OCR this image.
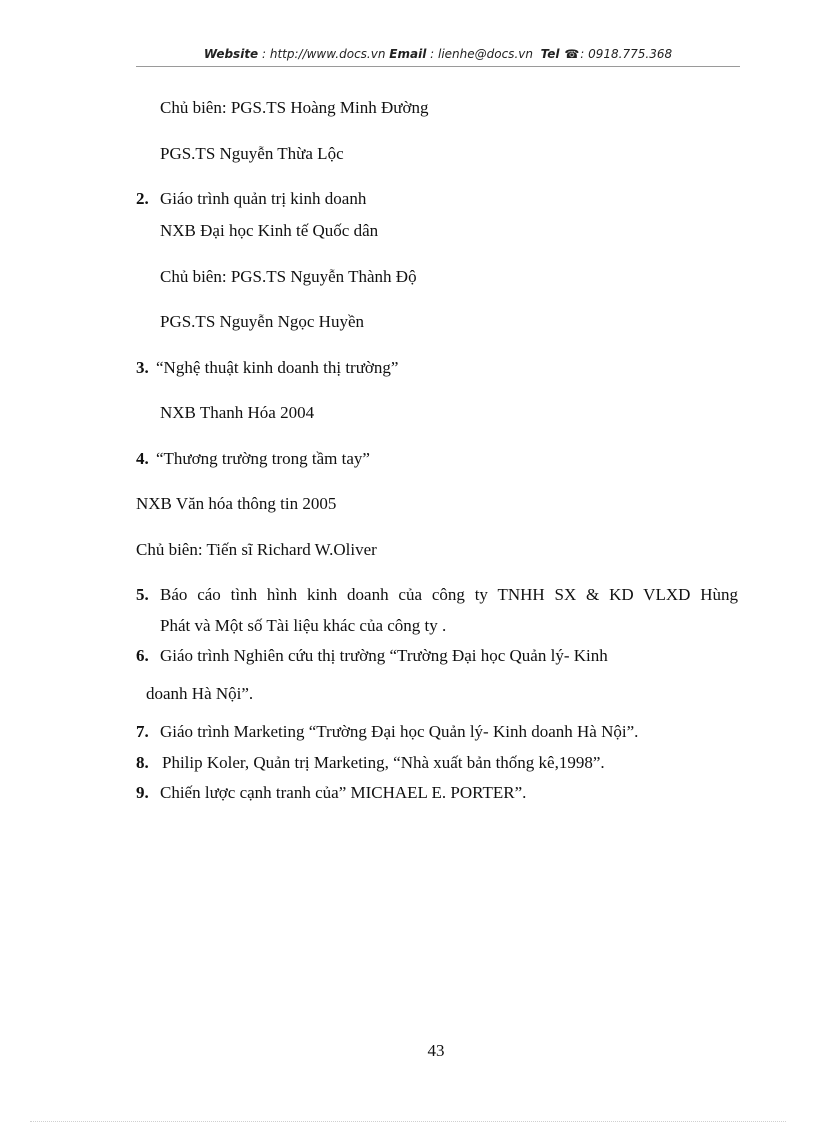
Website : http://www.docs.vn Email : lienhe@docs.vn Tel ☎: 0918.775.368
Chủ biên: PGS.TS Hoàng Minh Đường
PGS.TS Nguyễn Thừa Lộc
2. Giáo trình quản trị kinh doanh
NXB Đại học Kinh tế Quốc dân
Chủ biên: PGS.TS Nguyễn Thành Độ
PGS.TS Nguyễn Ngọc Huyền
3. “Nghệ thuật kinh doanh thị trường”
NXB Thanh Hóa 2004
4. “Thương trường trong tầm tay”
NXB Văn hóa thông tin 2005
Chủ biên: Tiến sĩ Richard W.Oliver
5. Báo cáo tình hình kinh doanh của công ty TNHH SX & KD VLXD Hùng
Phát và Một số Tài liệu khác của công ty .
6. Giáo trình Nghiên cứu thị trường “Trường Đại học Quản lý- Kinh
doanh Hà Nội”.
7. Giáo trình Marketing “Trường Đại học Quản lý- Kinh doanh Hà Nội”.
8. Philip Koler, Quản trị Marketing, “Nhà xuất bản thống kê,1998”.
9. Chiến lược cạnh tranh của” MICHAEL E. PORTER”.
43
